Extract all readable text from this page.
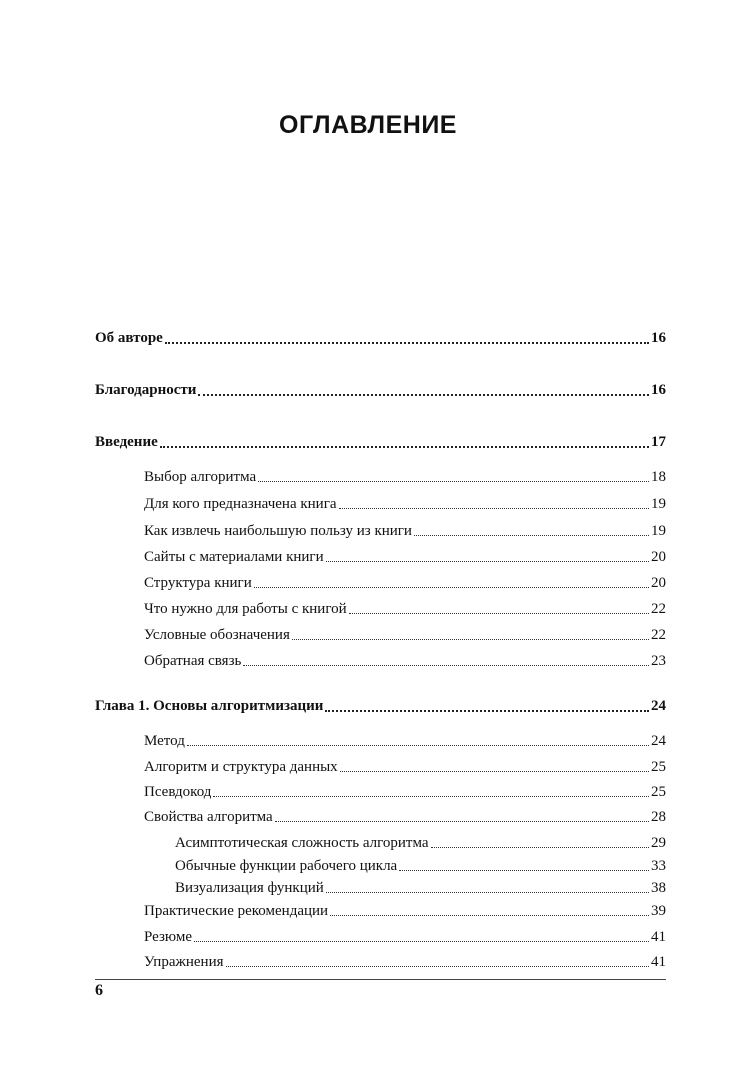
ОГЛАВЛЕНИЕ
Об авторе	16
Благодарности	16
Введение	17
Выбор алгоритма	18
Для кого предназначена книга	19
Как извлечь наибольшую пользу из книги	19
Сайты с материалами книги	20
Структура книги	20
Что нужно для работы с книгой	22
Условные обозначения	22
Обратная связь	23
Глава 1. Основы алгоритмизации	24
Метод	24
Алгоритм и структура данных	25
Псевдокод	25
Свойства алгоритма	28
Асимптотическая сложность алгоритма	29
Обычные функции рабочего цикла	33
Визуализация функций	38
Практические рекомендации	39
Резюме	41
Упражнения	41
6
